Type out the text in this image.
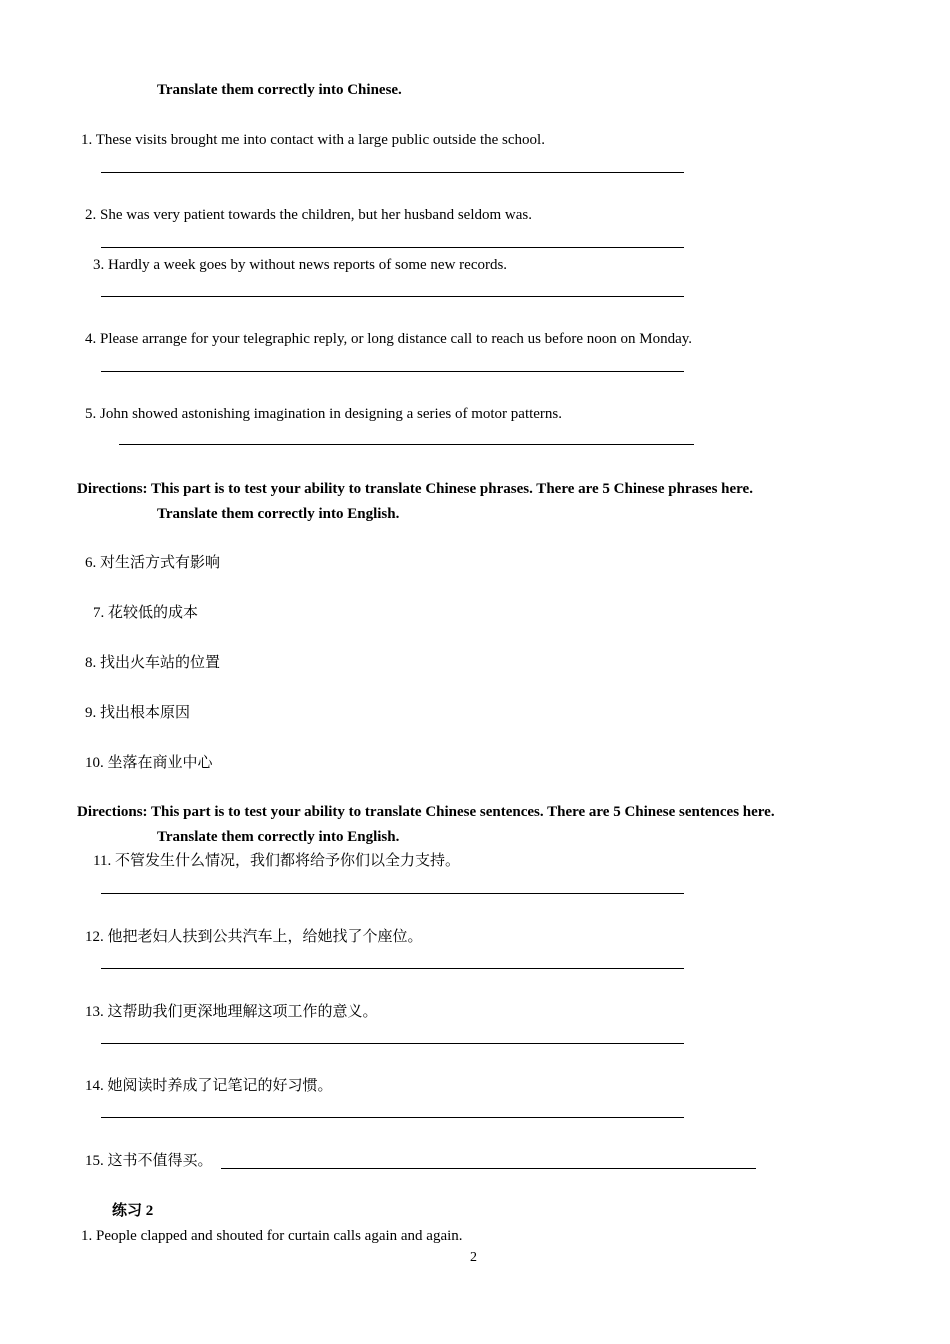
Translate them correctly into Chinese.
1. These visits brought me into contact with a large public outside the school.
2. She was very patient towards the children, but her husband seldom was.
3. Hardly a week goes by without news reports of some new records.
4. Please arrange for your telegraphic reply, or long distance call to reach us before noon on Monday.
5. John showed astonishing imagination in designing a series of motor patterns.
Directions: This part is to test your ability to translate Chinese phrases. There are 5 Chinese phrases here.
Translate them correctly into English.
6. 对生活方式有影响
7. 花较低的成本
8. 找出火车站的位置
9. 找出根本原因
10. 坐落在商业中心
Directions: This part is to test your ability to translate Chinese sentences. There are 5 Chinese sentences here.
Translate them correctly into English.
11. 不管发生什么情况，我们都将给予你们以全力支持。
12. 他把老妇人扶到公共汽车上，给她找了个座位。
13. 这帮助我们更深地理解这项工作的意义。
14. 她阅读时养成了记笔记的好习惯。
15. 这书不值得买。
练习 2
1. People clapped and shouted for curtain calls again and again.
2
